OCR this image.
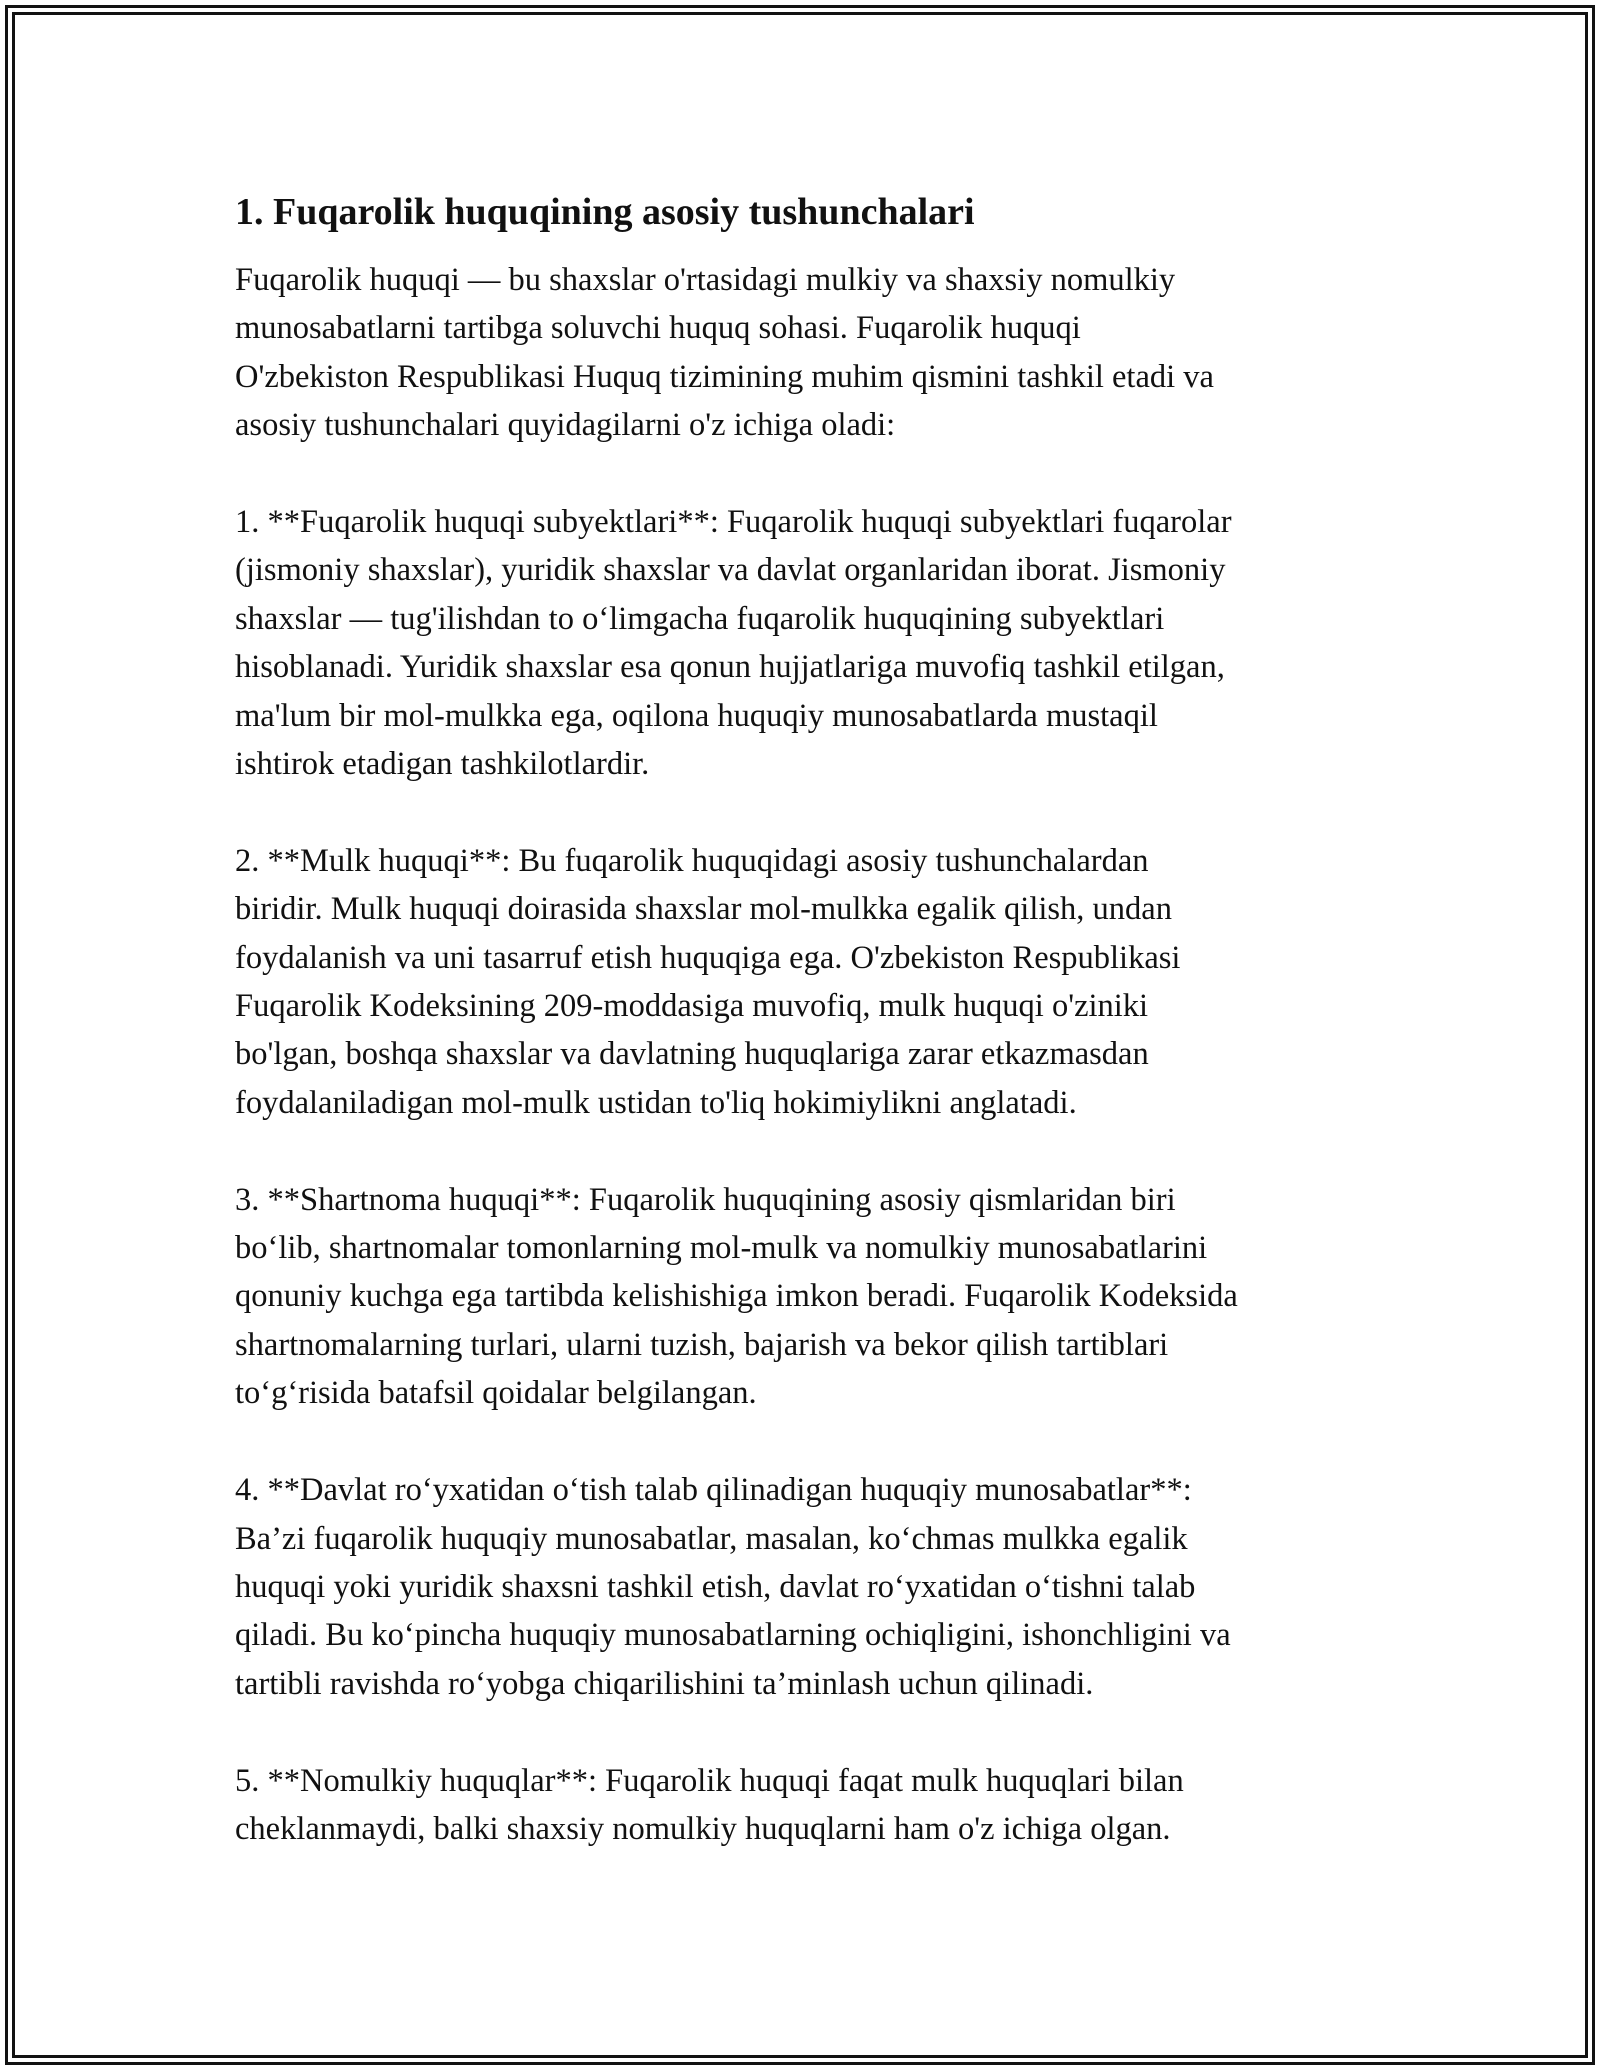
1. Fuqarolik huquqining asosiy tushunchalari
Fuqarolik huquqi — bu shaxslar o'rtasidagi mulkiy va shaxsiy nomulkiy
munosabatlarni tartibga soluvchi huquq sohasi. Fuqarolik huquqi
O'zbekiston Respublikasi Huquq tizimining muhim qismini tashkil etadi va
asosiy tushunchalari quyidagilarni o'z ichiga oladi:
1. **Fuqarolik huquqi subyektlari**: Fuqarolik huquqi subyektlari fuqarolar
(jismoniy shaxslar), yuridik shaxslar va davlat organlaridan iborat. Jismoniy
shaxslar — tug'ilishdan to o‘limgacha fuqarolik huquqining subyektlari
hisoblanadi. Yuridik shaxslar esa qonun hujjatlariga muvofiq tashkil etilgan,
ma'lum bir mol-mulkka ega, oqilona huquqiy munosabatlarda mustaqil
ishtirok etadigan tashkilotlardir.
2. **Mulk huquqi**: Bu fuqarolik huquqidagi asosiy tushunchalardan
biridir. Mulk huquqi doirasida shaxslar mol-mulkka egalik qilish, undan
foydalanish va uni tasarruf etish huquqiga ega. O'zbekiston Respublikasi
Fuqarolik Kodeksining 209-moddasiga muvofiq, mulk huquqi o'ziniki
bo'lgan, boshqa shaxslar va davlatning huquqlariga zarar etkazmasdan
foydalaniladigan mol-mulk ustidan to'liq hokimiylikni anglatadi.
3. **Shartnoma huquqi**: Fuqarolik huquqining asosiy qismlaridan biri
bo‘lib, shartnomalar tomonlarning mol-mulk va nomulkiy munosabatlarini
qonuniy kuchga ega tartibda kelishishiga imkon beradi. Fuqarolik Kodeksida
shartnomalarning turlari, ularni tuzish, bajarish va bekor qilish tartiblari
to‘g‘risida batafsil qoidalar belgilangan.
4. **Davlat ro‘yxatidan o‘tish talab qilinadigan huquqiy munosabatlar**:
Ba’zi fuqarolik huquqiy munosabatlar, masalan, ko‘chmas mulkka egalik
huquqi yoki yuridik shaxsni tashkil etish, davlat ro‘yxatidan o‘tishni talab
qiladi. Bu ko‘pincha huquqiy munosabatlarning ochiqligini, ishonchligini va
tartibli ravishda ro‘yobga chiqarilishini ta’minlash uchun qilinadi.
5. **Nomulkiy huquqlar**: Fuqarolik huquqi faqat mulk huquqlari bilan
cheklanmaydi, balki shaxsiy nomulkiy huquqlarni ham o'z ichiga olgan.
